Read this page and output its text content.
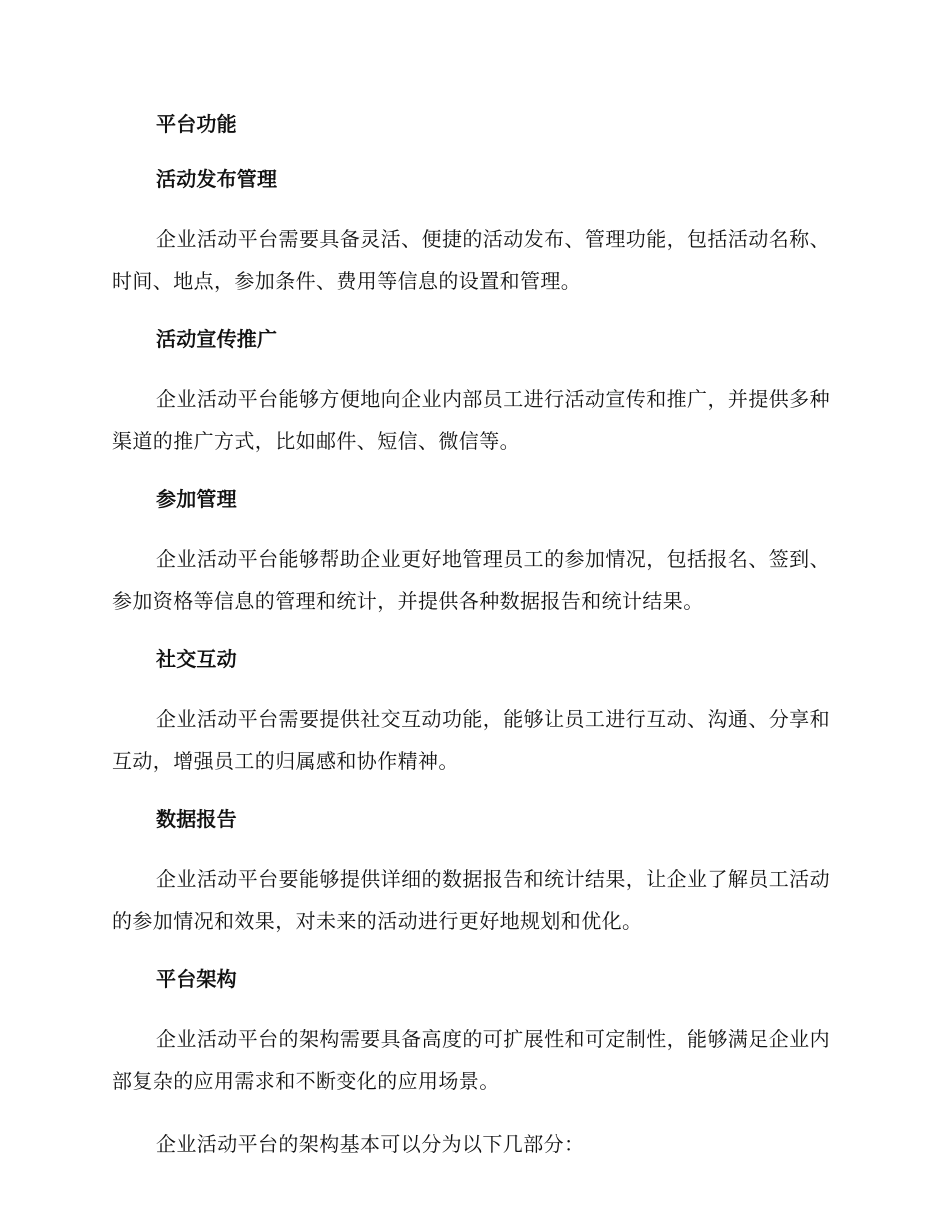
平台功能
活动发布管理

企业活动平台需要具备灵活、便捷的活动发布、管理功能，包括活动名称、时间、地点，参加条件、费用等信息的设置和管理。

活动宣传推广

企业活动平台能够方便地向企业内部员工进行活动宣传和推广，并提供多种渠道的推广方式，比如邮件、短信、微信等。

参加管理

企业活动平台能够帮助企业更好地管理员工的参加情况，包括报名、签到、参加资格等信息的管理和统计，并提供各种数据报告和统计结果。

社交互动

企业活动平台需要提供社交互动功能，能够让员工进行互动、沟通、分享和互动，增强员工的归属感和协作精神。

数据报告

企业活动平台要能够提供详细的数据报告和统计结果，让企业了解员工活动的参加情况和效果，对未来的活动进行更好地规划和优化。

平台架构

企业活动平台的架构需要具备高度的可扩展性和可定制性，能够满足企业内部复杂的应用需求和不断变化的应用场景。

企业活动平台的架构基本可以分为以下几部分：
